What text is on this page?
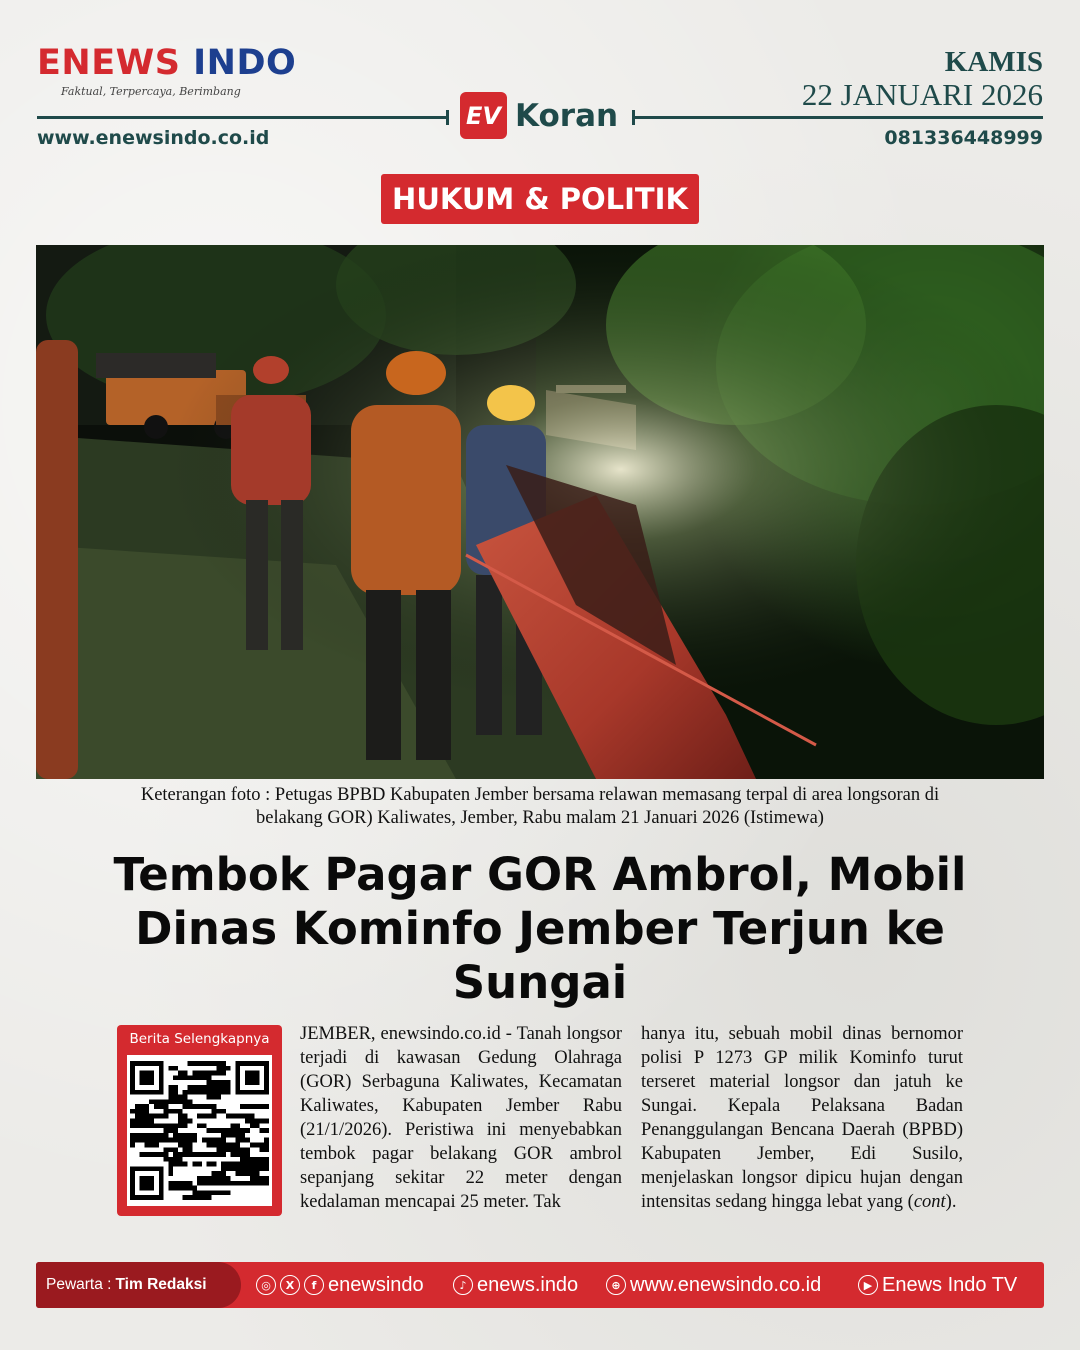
ENEWS INDO
Faktual, Terpercaya, Berimbang
KAMIS
22 JANUARI 2026
EV Koran
www.enewsindo.co.id	081336448999
HUKUM & POLITIK
Keterangan foto : Petugas BPBD Kabupaten Jember bersama relawan memasang terpal di area longsoran di
belakang GOR) Kaliwates, Jember, Rabu malam 21 Januari 2026 (Istimewa)
Tembok Pagar GOR Ambrol, Mobil
Dinas Kominfo Jember Terjun ke
Sungai
Berita Selengkapnya	JEMBER, enewsindo.co.id - Tanah longsor terjadi di kawasan Gedung Olahraga (GOR) Serbaguna Kaliwates, Kecamatan Kaliwates, Kabupaten Jember Rabu (21/1/2026). Peristiwa ini menyebabkan tembok pagar belakang GOR ambrol sepanjang sekitar 22 meter dengan kedalaman mencapai 25 meter. Tak
hanya itu, sebuah mobil dinas bernomor polisi P 1273 GP milik Kominfo turut terseret material longsor dan jatuh ke Sungai. Kepala Pelaksana Badan Penanggulangan Bencana Daerah (BPBD) Kabupaten Jember, Edi Susilo, menjelaskan longsor dipicu hujan dengan intensitas sedang hingga lebat yang (cont).
Pewarta : Tim Redaksi	◎	X	f enewsindo	♪ enews.indo	⊕ www.enewsindo.co.id	▶ Enews Indo TV
